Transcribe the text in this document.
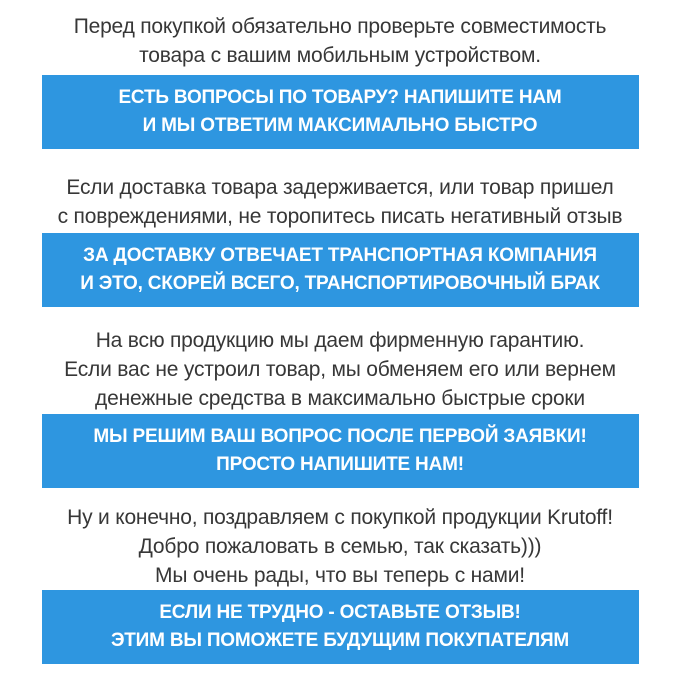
Перед покупкой обязательно проверьте совместимость
товара с вашим мобильным устройством.
ЕСТЬ ВОПРОСЫ ПО ТОВАРУ? НАПИШИТЕ НАМ
И МЫ ОТВЕТИМ МАКСИМАЛЬНО БЫСТРО
Если доставка товара задерживается, или товар пришел
с повреждениями, не торопитесь писать негативный отзыв
ЗА ДОСТАВКУ ОТВЕЧАЕТ ТРАНСПОРТНАЯ КОМПАНИЯ
И ЭТО, СКОРЕЙ ВСЕГО, ТРАНСПОРТИРОВОЧНЫЙ БРАК
На всю продукцию мы даем фирменную гарантию.
Если вас не устроил товар, мы обменяем его или вернем
денежные средства в максимально быстрые сроки
МЫ РЕШИМ ВАШ ВОПРОС ПОСЛЕ ПЕРВОЙ ЗАЯВКИ!
ПРОСТО НАПИШИТЕ НАМ!
Ну и конечно, поздравляем с покупкой продукции Krutoff!
Добро пожаловать в семью, так сказать)))
Мы очень рады, что вы теперь с нами!
ЕСЛИ НЕ ТРУДНО - ОСТАВЬТЕ ОТЗЫВ!
ЭТИМ ВЫ ПОМОЖЕТЕ БУДУЩИМ ПОКУПАТЕЛЯМ
